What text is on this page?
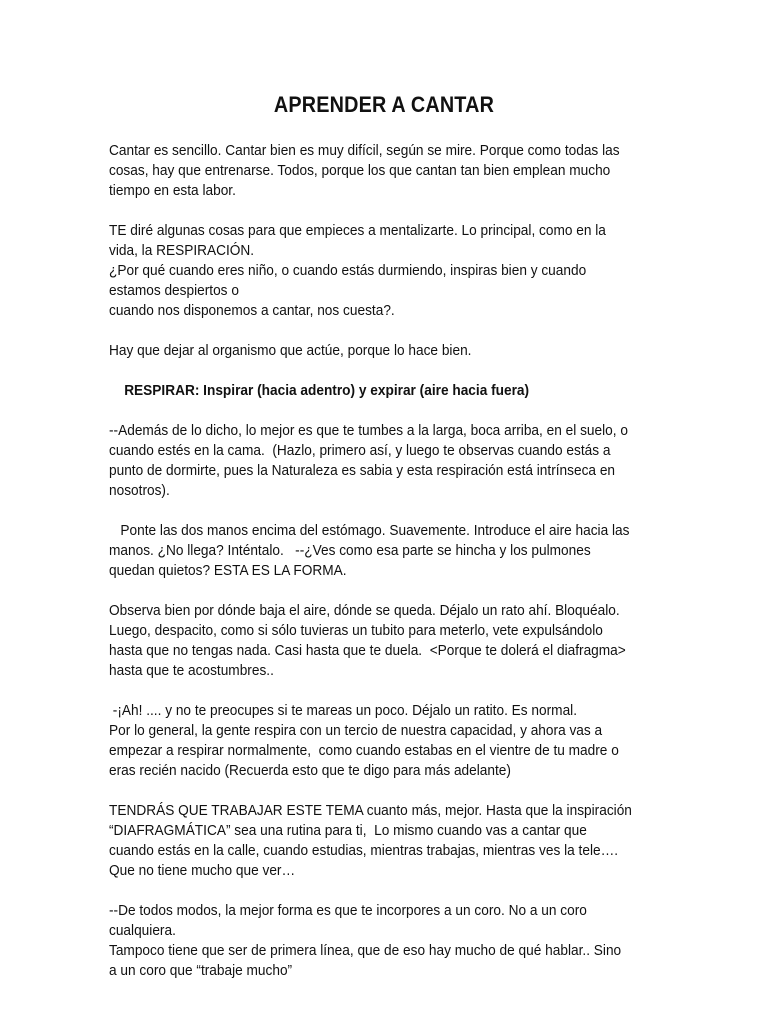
APRENDER A CANTAR
Cantar es sencillo. Cantar bien es muy difícil, según se mire. Porque como todas las
cosas, hay que entrenarse. Todos, porque los que cantan tan bien emplean mucho
tiempo en esta labor.
TE diré algunas cosas para que empieces a mentalizarte. Lo principal, como en la
vida, la RESPIRACIÓN.
¿Por qué cuando eres niño, o cuando estás durmiendo, inspiras bien y cuando
estamos despiertos o
cuando nos disponemos a cantar, nos cuesta?.
Hay que dejar al organismo que actúe, porque lo hace bien.
RESPIRAR: Inspirar (hacia adentro) y expirar (aire hacia fuera)
--Además de lo dicho, lo mejor es que te tumbes a la larga, boca arriba, en el suelo, o
cuando estés en la cama.  (Hazlo, primero así, y luego te observas cuando estás a
punto de dormirte, pues la Naturaleza es sabia y esta respiración está intrínseca en
nosotros).
Ponte las dos manos encima del estómago. Suavemente. Introduce el aire hacia las
manos. ¿No llega? Inténtalo.   --¿Ves como esa parte se hincha y los pulmones
quedan quietos? ESTA ES LA FORMA.
Observa bien por dónde baja el aire, dónde se queda. Déjalo un rato ahí. Bloquéalo.
Luego, despacito, como si sólo tuvieras un tubito para meterlo, vete expulsándolo
hasta que no tengas nada. Casi hasta que te duela.  <Porque te dolerá el diafragma>
hasta que te acostumbres..
-¡Ah! .... y no te preocupes si te mareas un poco. Déjalo un ratito. Es normal.
Por lo general, la gente respira con un tercio de nuestra capacidad, y ahora vas a
empezar a respirar normalmente,  como cuando estabas en el vientre de tu madre o
eras recién nacido (Recuerda esto que te digo para más adelante)
TENDRÁS QUE TRABAJAR ESTE TEMA cuanto más, mejor. Hasta que la inspiración
“DIAFRAGMÁTICA” sea una rutina para ti,  Lo mismo cuando vas a cantar que
cuando estás en la calle, cuando estudias, mientras trabajas, mientras ves la tele….
Que no tiene mucho que ver…
--De todos modos, la mejor forma es que te incorpores a un coro. No a un coro
cualquiera.
Tampoco tiene que ser de primera línea, que de eso hay mucho de qué hablar.. Sino
a un coro que “trabaje mucho”
